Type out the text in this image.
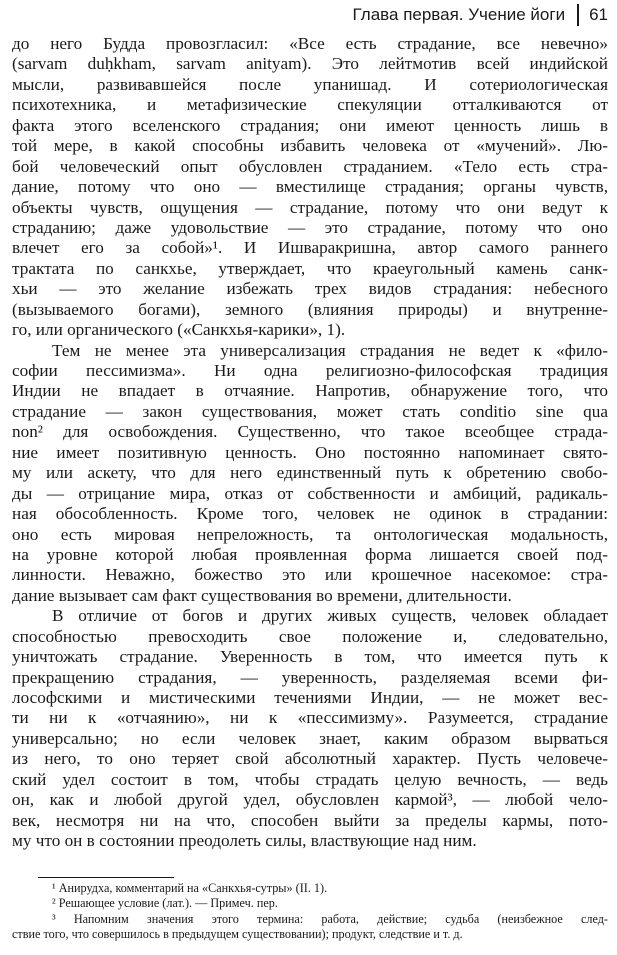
Глава первая. Учение йоги 61
до него Будда провозгласил: «Все есть страдание, все невечно»
(sarvam duḥkham, sarvam anityam). Это лейтмотив всей индийской
мысли, развивавшейся после упанишад. И сотериологическая
психотехника, и метафизические спекуляции отталкиваются от
факта этого вселенского страдания; они имеют ценность лишь в
той мере, в какой способны избавить человека от «мучений». Лю-
бой человеческий опыт обусловлен страданием. «Тело есть стра-
дание, потому что оно — вместилище страдания; органы чувств,
объекты чувств, ощущения — страдание, потому что они ведут к
страданию; даже удовольствие — это страдание, потому что оно
влечет его за собой»¹. И Ишваракришна, автор самого раннего
трактата по санкхье, утверждает, что краеугольный камень санк-
хьи — это желание избежать трех видов страдания: небесного
(вызываемого богами), земного (влияния природы) и внутренне-
го, или органического («Санкхья-карики», 1).
Тем не менее эта универсализация страдания не ведет к «фило-
софии пессимизма». Ни одна религиозно-философская традиция
Индии не впадает в отчаяние. Напротив, обнаружение того, что
страдание — закон существования, может стать conditio sine qua
non² для освобождения. Существенно, что такое всеобщее страда-
ние имеет позитивную ценность. Оно постоянно напоминает свято-
му или аскету, что для него единственный путь к обретению свобо-
ды — отрицание мира, отказ от собственности и амбиций, радикаль-
ная обособленность. Кроме того, человек не одинок в страдании:
оно есть мировая непреложность, та онтологическая модальность,
на уровне которой любая проявленная форма лишается своей под-
линности. Неважно, божество это или крошечное насекомое: стра-
дание вызывает сам факт существования во времени, длительности.
В отличие от богов и других живых существ, человек обладает
способностью превосходить свое положение и, следовательно,
уничтожать страдание. Уверенность в том, что имеется путь к
прекращению страдания, — уверенность, разделяемая всеми фи-
лософскими и мистическими течениями Индии, — не может вес-
ти ни к «отчаянию», ни к «пессимизму». Разумеется, страдание
универсально; но если человек знает, каким образом вырваться
из него, то оно теряет свой абсолютный характер. Пусть человече-
ский удел состоит в том, чтобы страдать целую вечность, — ведь
он, как и любой другой удел, обусловлен кармой³, — любой чело-
век, несмотря ни на что, способен выйти за пределы кармы, пото-
му что он в состоянии преодолеть силы, властвующие над ним.
¹ Анирудха, комментарий на «Санкхья-сутры» (II. 1).
² Решающее условие (лат.). — Примеч. пер.
³ Напомним значения этого термина: работа, действие; судьба (неизбежное след-
ствие того, что совершилось в предыдущем существовании); продукт, следствие и т. д.
